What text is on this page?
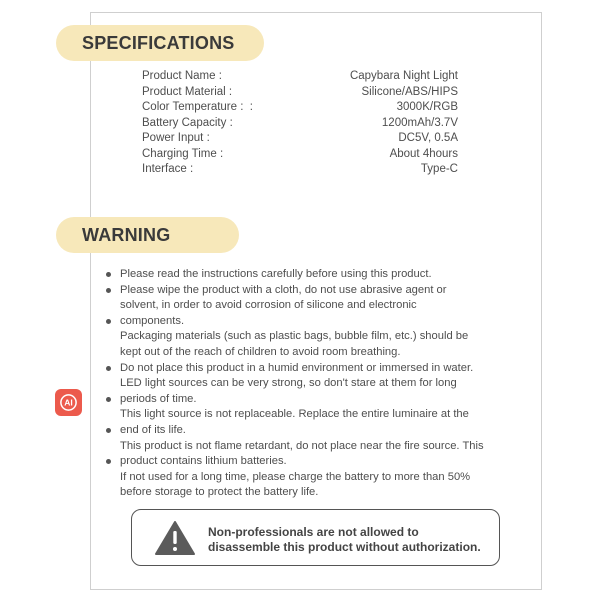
SPECIFICATIONS
Product Name :	Capybara Night Light
Product Material :	Silicone/ABS/HIPS
Color Temperature :  :	3000K/RGB
Battery Capacity :	1200mAh/3.7V
Power Input :	DC5V, 0.5A
Charging Time :	About 4hours
Interface :	Type-C
WARNING
Please read the instructions carefully before using this product.
Please wipe the product with a cloth, do not use abrasive agent or
solvent, in order to avoid corrosion of silicone and electronic
components.
Packaging materials (such as plastic bags, bubble film, etc.) should be
kept out of the reach of children to avoid room breathing.
Do not place this product in a humid environment or immersed in water.
LED light sources can be very strong, so don't stare at them for long
periods of time.
This light source is not replaceable. Replace the entire luminaire at the
end of its life.
This product is not flame retardant, do not place near the fire source. This
product contains lithium batteries.
If not used for a long time, please charge the battery to more than 50%
before storage to protect the battery life.
Non-professionals are not allowed to
disassemble this product without authorization.
AI
